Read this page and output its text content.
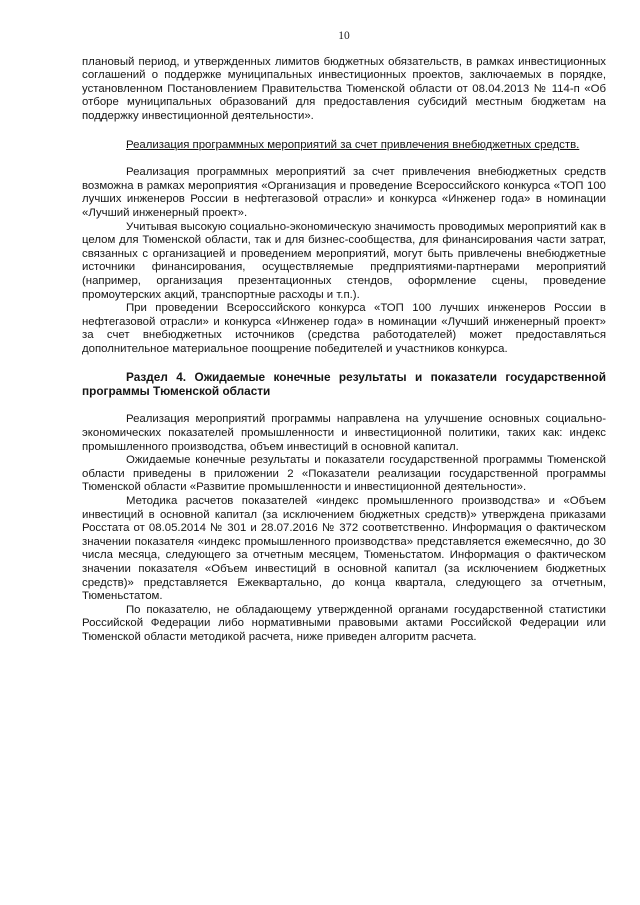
10

плановый период, и утвержденных лимитов бюджетных обязательств, в рамках инвестиционных соглашений о поддержке муниципальных инвестиционных проектов, заключаемых в порядке, установленном Постановлением Правительства Тюменской области от 08.04.2013 № 114-п «Об отборе муниципальных образований для предоставления субсидий местным бюджетам на поддержку инвестиционной деятельности».

Реализация программных мероприятий за счет привлечения внебюджетных средств.

Реализация программных мероприятий за счет привлечения внебюджетных средств возможна в рамках мероприятия «Организация и проведение Всероссийского конкурса «ТОП 100 лучших инженеров России в нефтегазовой отрасли» и конкурса «Инженер года» в номинации «Лучший инженерный проект».

Учитывая высокую социально-экономическую значимость проводимых мероприятий как в целом для Тюменской области, так и для бизнес-сообщества, для финансирования части затрат, связанных с организацией и проведением мероприятий, могут быть привлечены внебюджетные источники финансирования, осуществляемые предприятиями-партнерами мероприятий (например, организация презентационных стендов, оформление сцены, проведение промоутерских акций, транспортные расходы и т.п.).

При проведении Всероссийского конкурса «ТОП 100 лучших инженеров России в нефтегазовой отрасли» и конкурса «Инженер года» в номинации «Лучший инженерный проект» за счет внебюджетных источников (средства работодателей) может предоставляться дополнительное материальное поощрение победителей и участников конкурса.

Раздел 4. Ожидаемые конечные результаты и показатели государственной программы Тюменской области

Реализация мероприятий программы направлена на улучшение основных социально-экономических показателей промышленности и инвестиционной политики, таких как: индекс промышленного производства, объем инвестиций в основной капитал.

Ожидаемые конечные результаты и показатели государственной программы Тюменской области приведены в приложении 2 «Показатели реализации государственной программы Тюменской области «Развитие промышленности и инвестиционной деятельности».

Методика расчетов показателей «индекс промышленного производства» и «Объем инвестиций в основной капитал (за исключением бюджетных средств)» утверждена приказами Росстата от 08.05.2014 № 301 и 28.07.2016 № 372 соответственно. Информация о фактическом значении показателя «индекс промышленного производства» представляется ежемесячно, до 30 числа месяца, следующего за отчетным месяцем, Тюменьстатом. Информация о фактическом значении показателя «Объем инвестиций в основной капитал (за исключением бюджетных средств)» представляется Ежеквартально, до конца квартала, следующего за отчетным, Тюменьстатом.

По показателю, не обладающему утвержденной органами государственной статистики Российской Федерации либо нормативными правовыми актами Российской Федерации или Тюменской области методикой расчета, ниже приведен алгоритм расчета.
